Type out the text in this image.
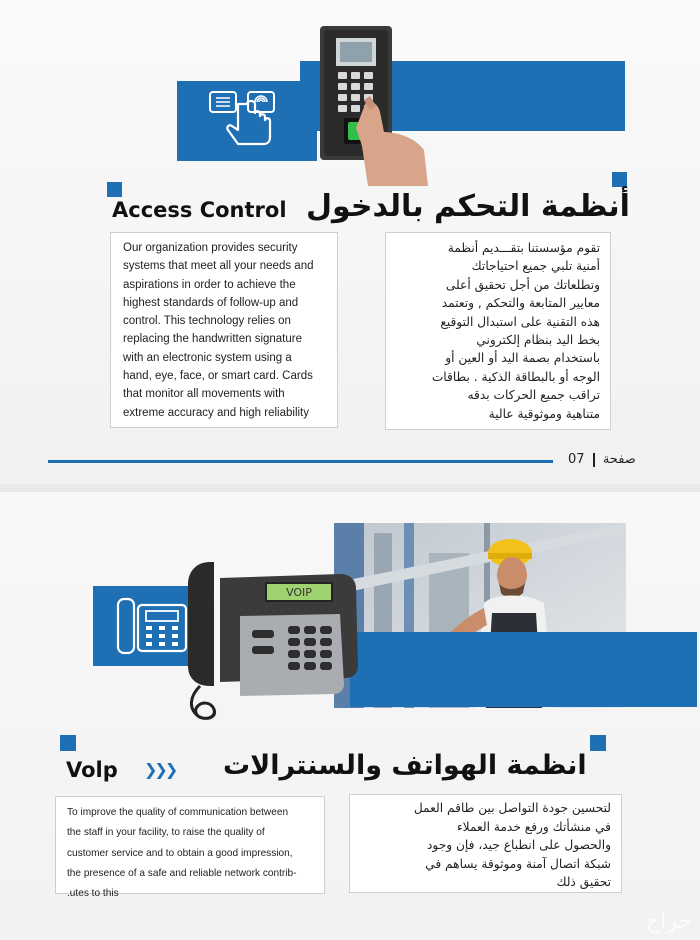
Access Control أنظمة التحكم بالدخول
Our organization provides security
systems that meet all your needs and
aspirations in order to achieve the
highest standards of follow-up and
control. This technology relies on
replacing the handwritten signature
with an electronic system using a
hand, eye, face, or smart card. Cards
that monitor all movements with
extreme accuracy and high reliability
تقوم مؤسستنا بتقـــديم أنظمة
أمنية تلبي جميع احتياجاتك
وتطلعاتك من أجل تحقيق أعلى
معايير المتابعة والتحكم , وتعتمد
هذه التقنية على استبدال التوقيع
بخط اليد بنظام إلكتروني
باستخدام بصمة اليد أو العين أو
الوجه أو بالبطاقة الذكية . بطاقات
تراقب جميع الحركات بدقه
متناهية وموثوقية عالية
صفحة  07
VOIP
Volp ❯❯❯ انظمة الهواتف والسنترالات
To improve the quality of communication between
the staff in your facility, to raise the quality of
customer service and to obtain a good impression,
the presence of a safe and reliable network contrib-
.utes to this
لتحسين جودة التواصل بين طاقم العمل
في منشأتك ورفع خدمة العملاء
والحصول على انطباع جيد، فإن وجود
شبكة اتصال آمنة وموثوقة يساهم في
تحقيق ذلك
حراج
